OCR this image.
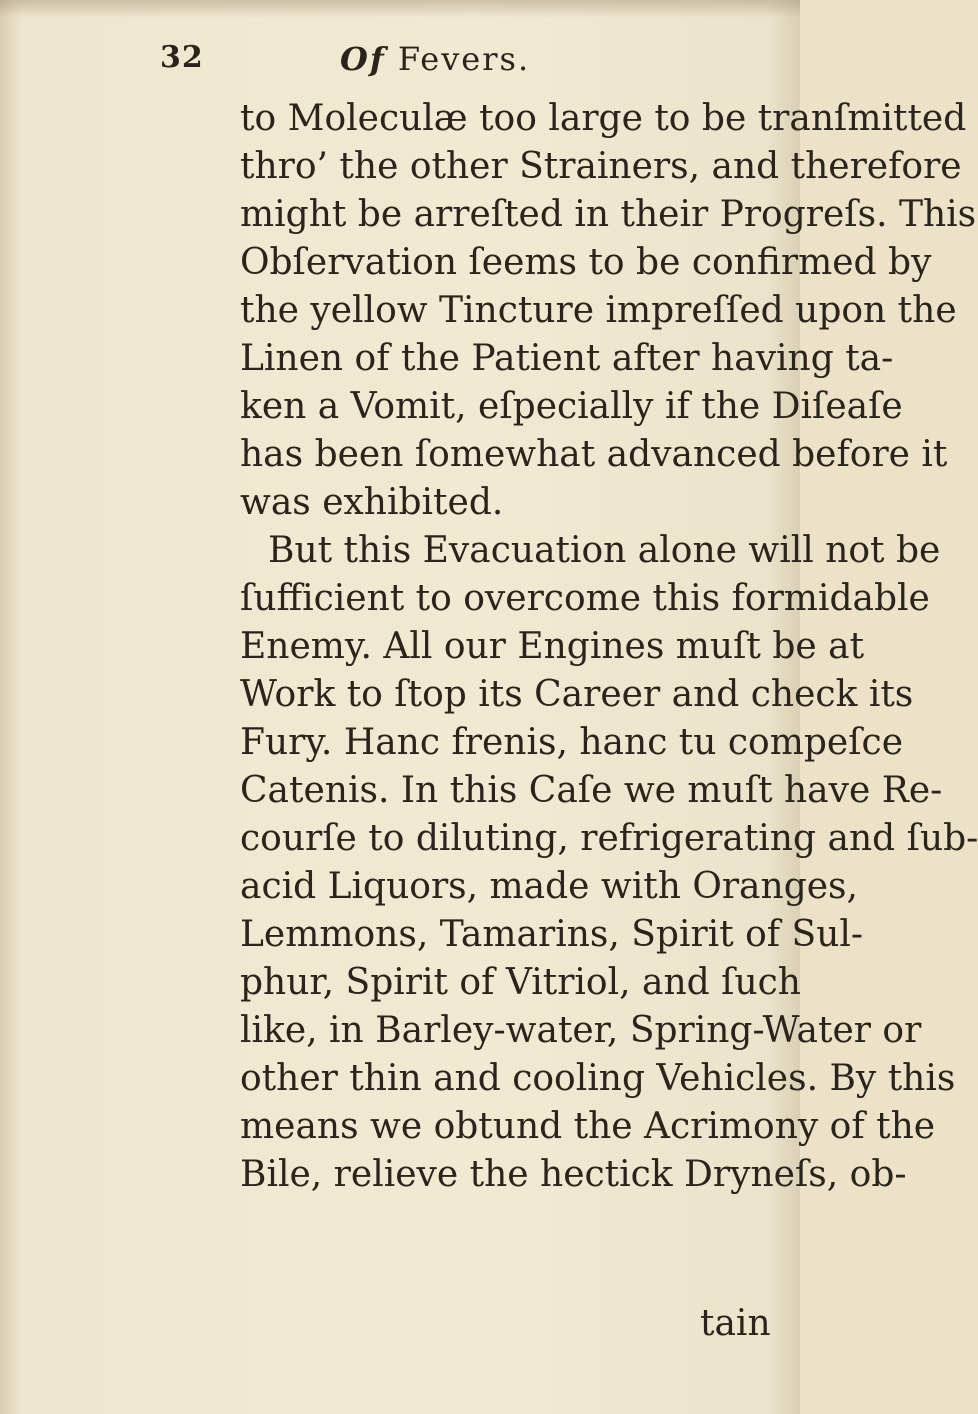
32	Of Fevers.
to Moleculæ too large to be tranſmitted
thro’ the other Strainers, and therefore
might be arreſted in their Progreſs. This
Obſervation ſeems to be confirmed by
the yellow Tincture impreſſed upon the
Linen of the Patient after having ta-
ken a Vomit, eſpecially if the Diſeaſe
has been ſomewhat advanced before it
was exhibited.
But this Evacuation alone will not be
ſufficient to overcome this formidable
Enemy. All our Engines muſt be at
Work to ſtop its Career and check its
Fury. Hanc frenis, hanc tu compeſce
Catenis. In this Caſe we muſt have Re-
courſe to diluting, refrigerating and ſub-
acid Liquors, made with Oranges,
Lemmons, Tamarins, Spirit of Sul-
phur, Spirit of Vitriol, and ſuch
like, in Barley-water, Spring-Water or
other thin and cooling Vehicles. By this
means we obtund the Acrimony of the
Bile, relieve the hectick Dryneſs, ob-
tain
